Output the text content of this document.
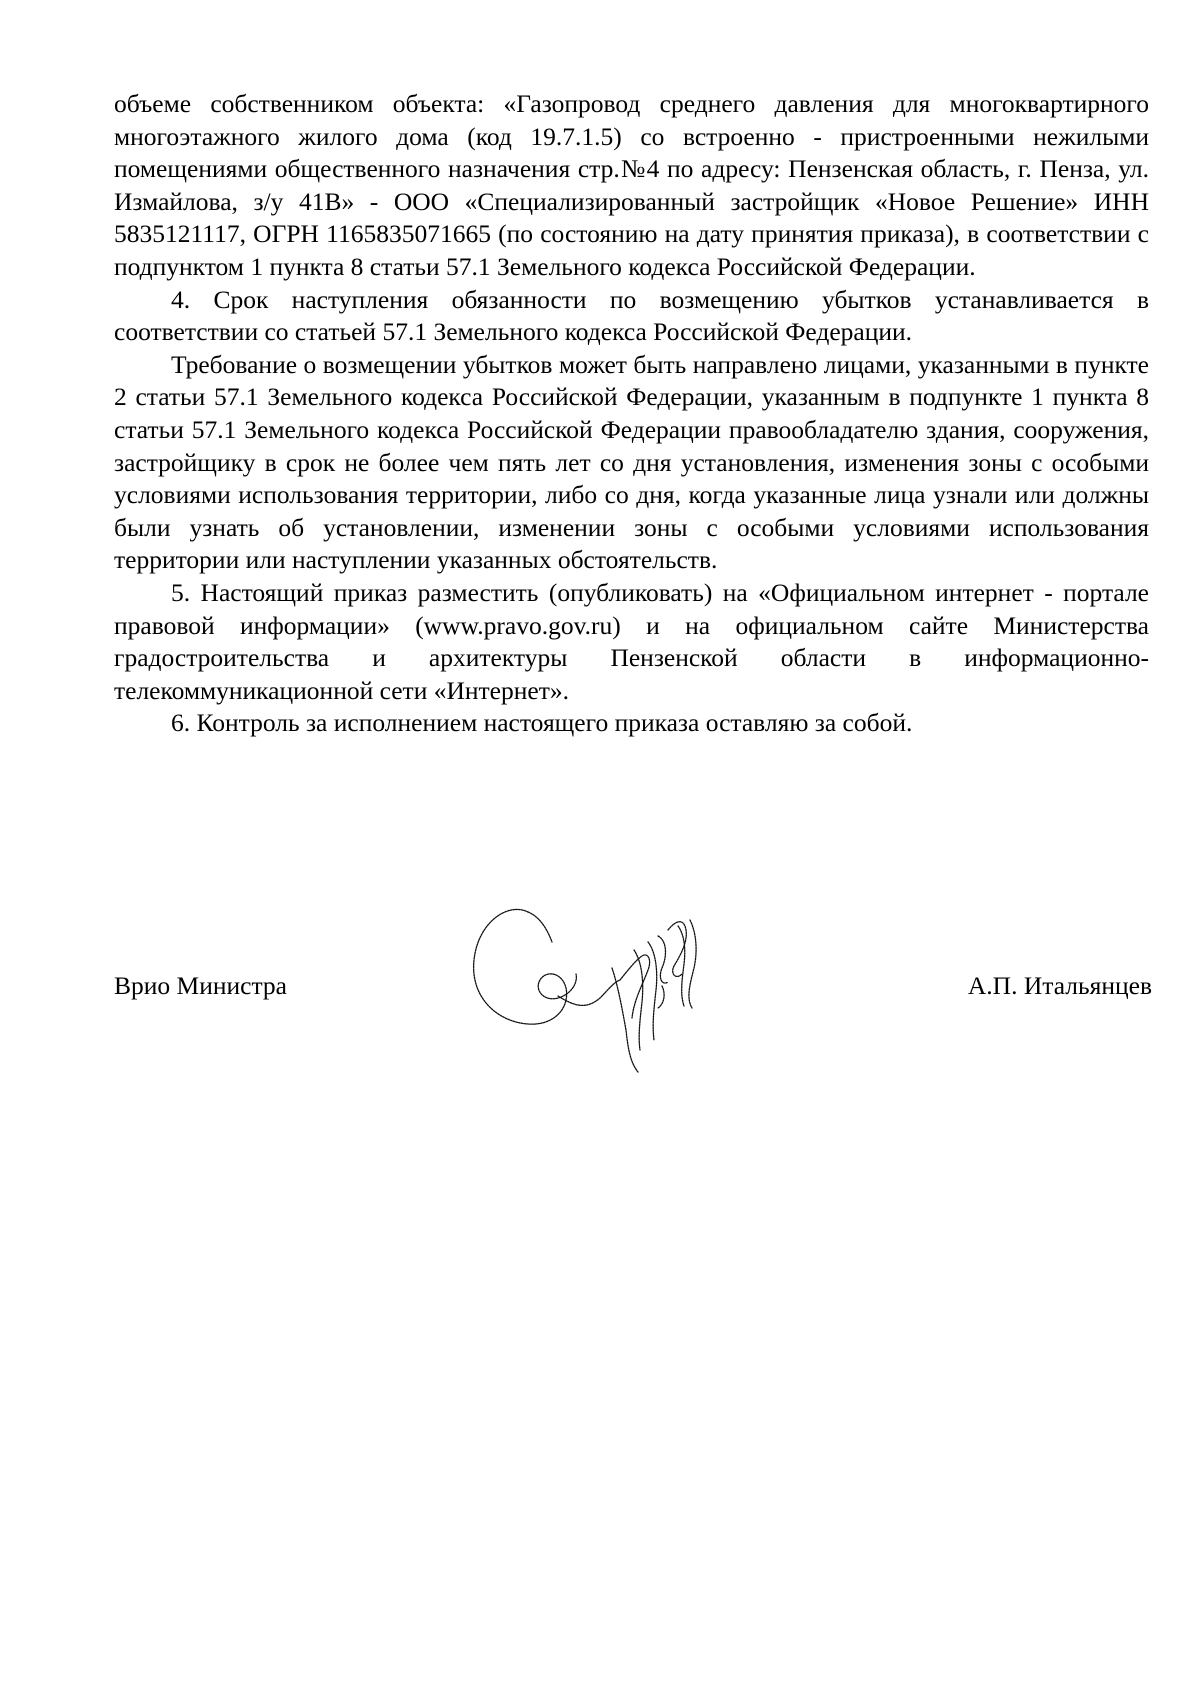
объеме собственником объекта: «Газопровод среднего давления для многоквартирного многоэтажного жилого дома (код 19.7.1.5) со встроенно - пристроенными нежилыми помещениями общественного назначения стр.№4 по адресу: Пензенская область, г. Пенза, ул. Измайлова, з/у 41В» - ООО «Специализированный застройщик «Новое Решение» ИНН 5835121117, ОГРН 1165835071665 (по состоянию на дату принятия приказа), в соответствии с подпунктом 1 пункта 8 статьи 57.1 Земельного кодекса Российской Федерации.

4. Срок наступления обязанности по возмещению убытков устанавливается в соответствии со статьей 57.1 Земельного кодекса Российской Федерации.

Требование о возмещении убытков может быть направлено лицами, указанными в пункте 2 статьи 57.1 Земельного кодекса Российской Федерации, указанным в подпункте 1 пункта 8 статьи 57.1 Земельного кодекса Российской Федерации правообладателю здания, сооружения, застройщику в срок не более чем пять лет со дня установления, изменения зоны с особыми условиями использования территории, либо со дня, когда указанные лица узнали или должны были узнать об установлении, изменении зоны с особыми условиями использования территории или наступлении указанных обстоятельств.

5. Настоящий приказ разместить (опубликовать) на «Официальном интернет - портале правовой информации» (www.pravo.gov.ru) и на официальном сайте Министерства градостроительства и архитектуры Пензенской области в информационно-телекоммуникационной сети «Интернет».

6. Контроль за исполнением настоящего приказа оставляю за собой.

Врио Министра	А.П. Итальянцев
